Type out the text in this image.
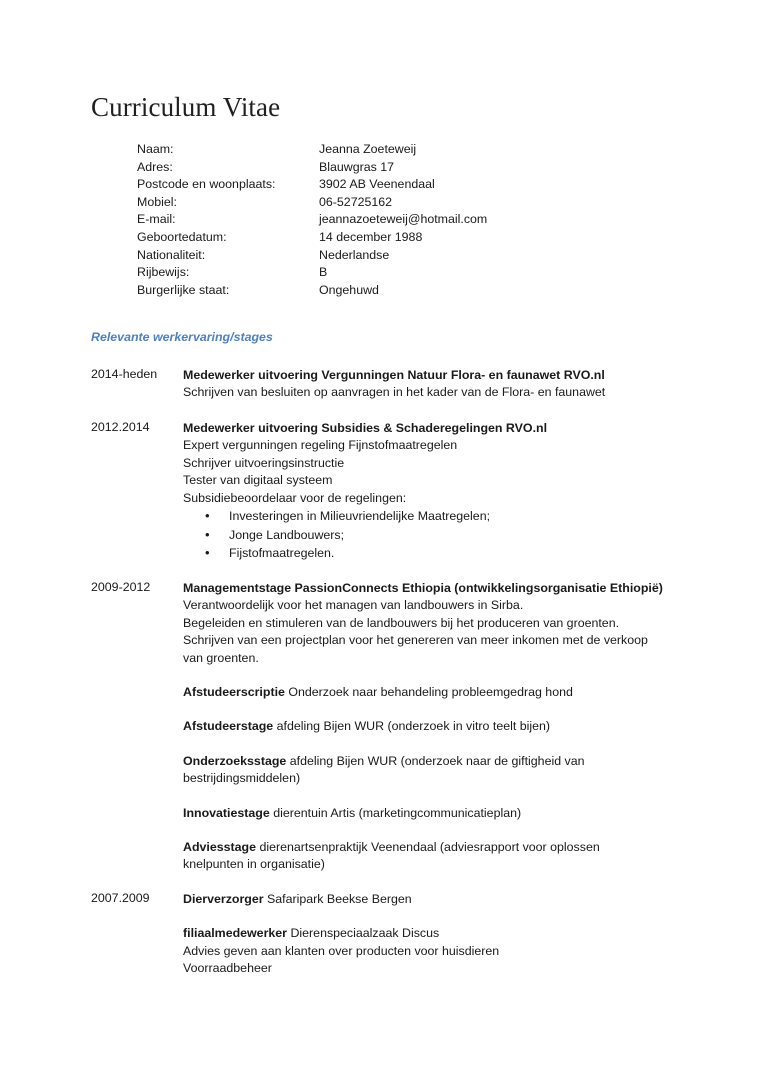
Curriculum Vitae
Naam:	Jeanna Zoeteweij
Adres:	Blauwgras 17
Postcode en woonplaats:	3902 AB Veenendaal
Mobiel:	06-52725162
E-mail:	jeannazoeteweij@hotmail.com
Geboortedatum:	14 december 1988
Nationaliteit:	Nederlandse
Rijbewijs:	B
Burgerlijke staat:	Ongehuwd
Relevante werkervaring/stages
2014-heden Medewerker uitvoering Vergunningen Natuur Flora- en faunawet RVO.nl
Schrijven van besluiten op aanvragen in het kader van de Flora- en faunawet
2012.2014	Medewerker uitvoering Subsidies & Schaderegelingen RVO.nl
Expert vergunningen regeling Fijnstofmaatregelen
Schrijver uitvoeringsinstructie
Tester van digitaal systeem
Subsidiebeoordelaar voor de regelingen:
• Investeringen in Milieuvriendelijke Maatregelen;
• Jonge Landbouwers;
• Fijstofmaatregelen.
2009-2012	Managementstage PassionConnects Ethiopia (ontwikkelingsorganisatie Ethiopië)
Verantwoordelijk voor het managen van landbouwers in Sirba.
Begeleiden en stimuleren van de landbouwers bij het produceren van groenten.
Schrijven van een projectplan voor het genereren van meer inkomen met de verkoop
van groenten.
Afstudeerscriptie Onderzoek naar behandeling probleemgedrag hond
Afstudeerstage afdeling Bijen WUR (onderzoek in vitro teelt bijen)
Onderzoeksstage afdeling Bijen WUR (onderzoek naar de giftigheid van
bestrijdingsmiddelen)
Innovatiestage dierentuin Artis (marketingcommunicatieplan)
Adviesstage dierenartsenpraktijk Veenendaal (adviesrapport voor oplossen
knelpunten in organisatie)
2007.2009	Dierverzorger Safaripark Beekse Bergen
filiaalmedewerker Dierenspeciaalzaak Discus
Advies geven aan klanten over producten voor huisdieren
Voorraadbeheer
